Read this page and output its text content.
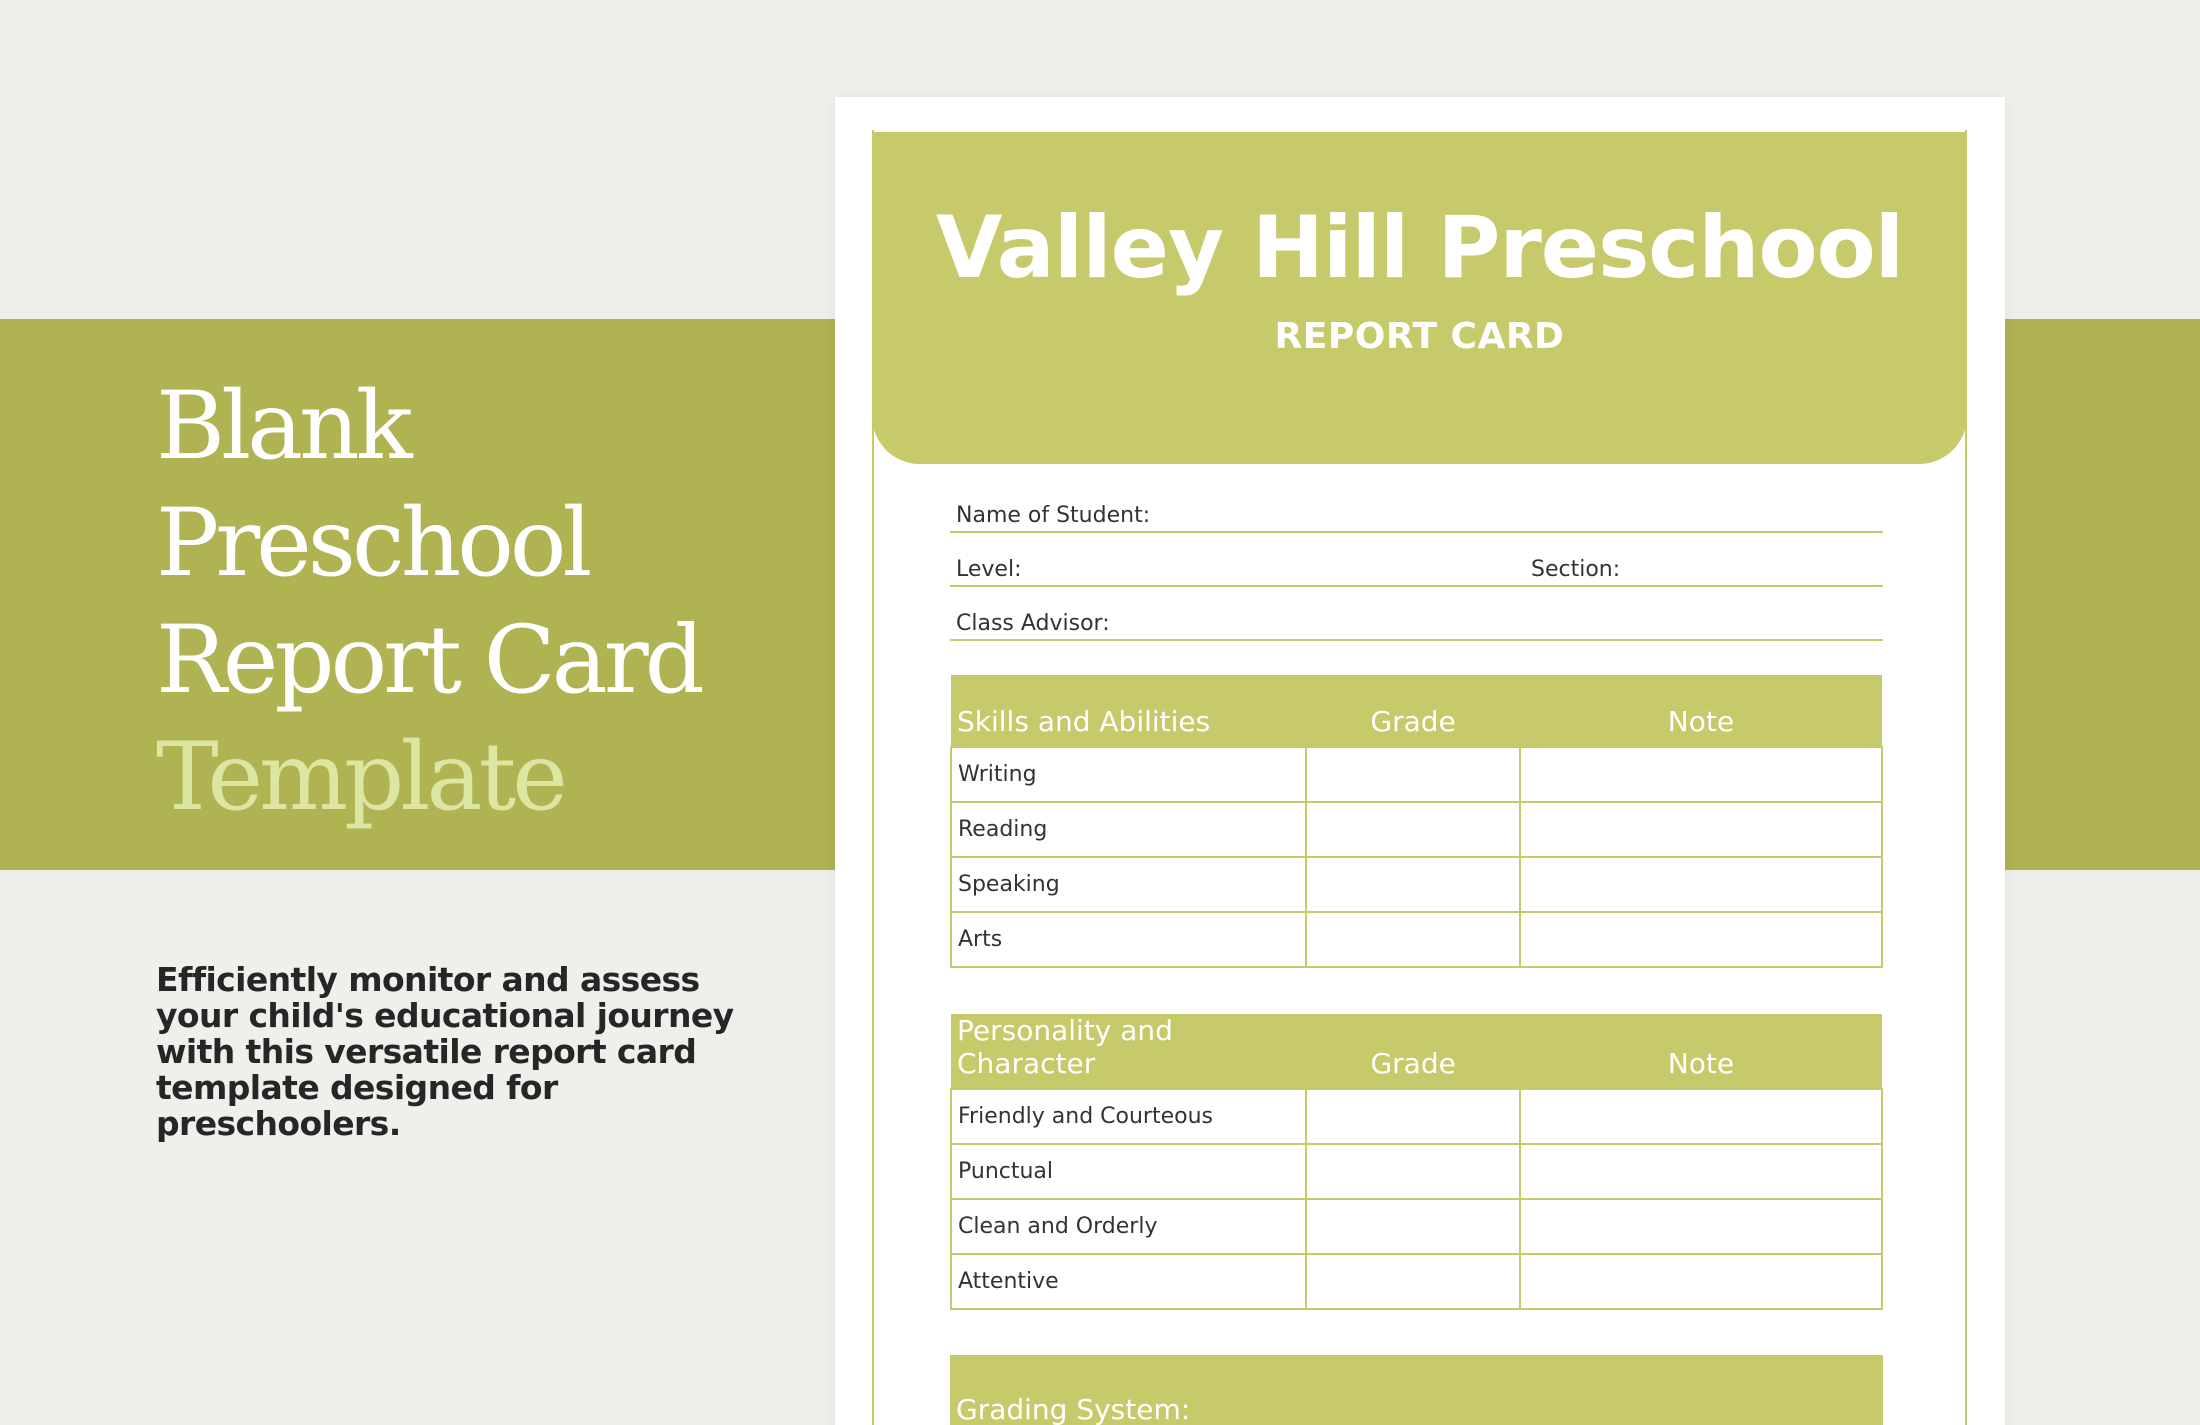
Blank
Preschool
Report Card
Template

Efficiently monitor and assess your child's educational journey with this versatile report card template designed for preschoolers.

Valley Hill Preschool
REPORT CARD
Name of Student:
Level:	Section:
Class Advisor:
Skills and Abilities	Grade	Note
Writing		
Reading		
Speaking		
Arts		
Personality and Character	Grade	Note
Friendly and Courteous		
Punctual		
Clean and Orderly		
Attentive		
Grading System:
